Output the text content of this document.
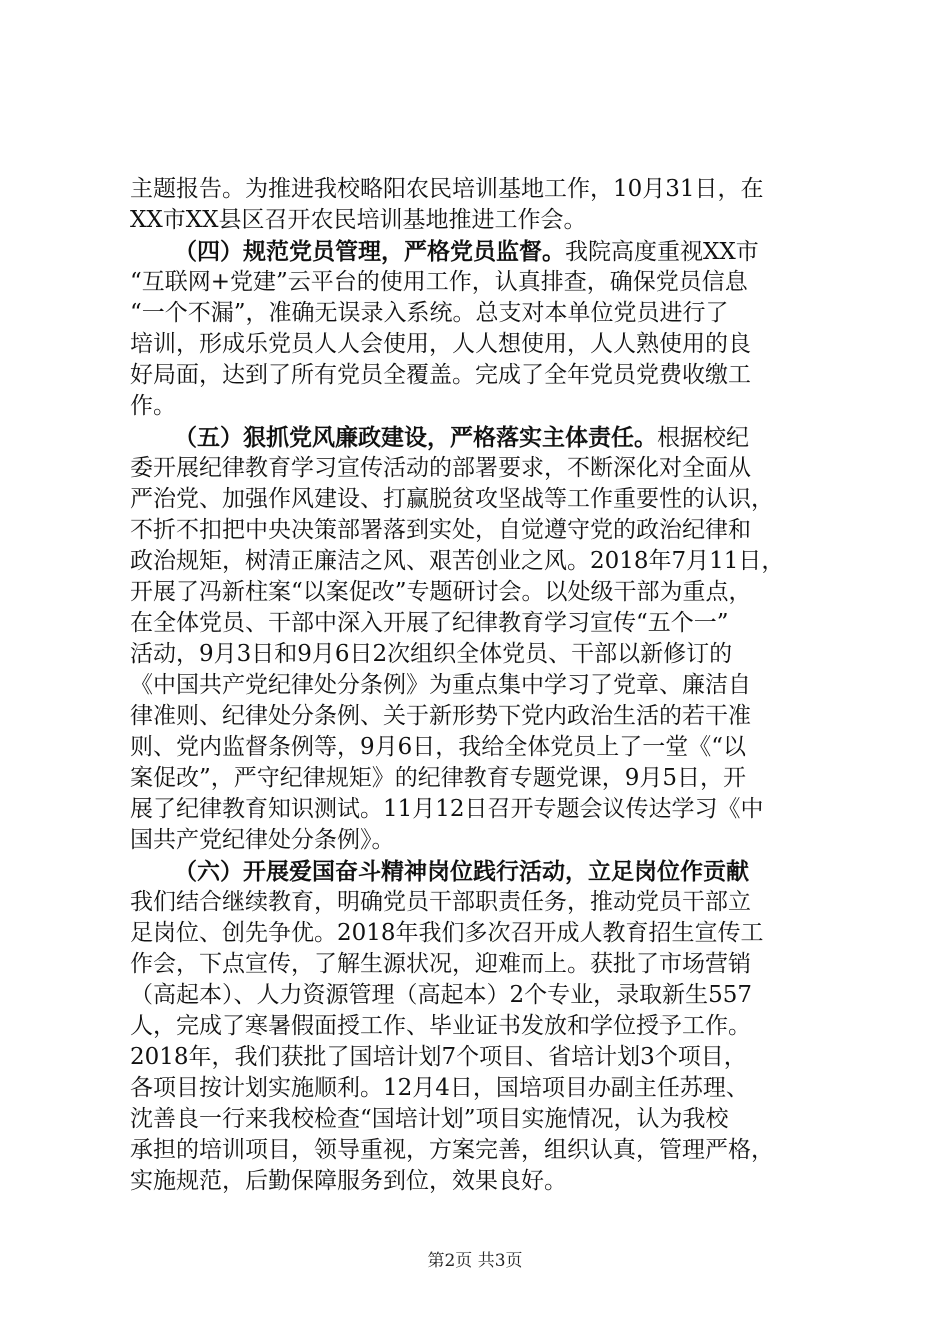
主题报告。为推进我校略阳农民培训基地工作，10月31日，在
XX市XX县区召开农民培训基地推进工作会。
（四）规范党员管理，严格党员监督。我院高度重视XX市
“互联网+党建”云平台的使用工作，认真排查，确保党员信息
“一个不漏”，准确无误录入系统。总支对本单位党员进行了
培训，形成乐党员人人会使用，人人想使用，人人熟使用的良
好局面，达到了所有党员全覆盖。完成了全年党员党费收缴工
作。
（五）狠抓党风廉政建设，严格落实主体责任。根据校纪
委开展纪律教育学习宣传活动的部署要求，不断深化对全面从
严治党、加强作风建设、打赢脱贫攻坚战等工作重要性的认识，
不折不扣把中央决策部署落到实处，自觉遵守党的政治纪律和
政治规矩，树清正廉洁之风、艰苦创业之风。2018年7月11日，
开展了冯新柱案“以案促改”专题研讨会。以处级干部为重点，
在全体党员、干部中深入开展了纪律教育学习宣传“五个一”
活动，9月3日和9月6日2次组织全体党员、干部以新修订的
《中国共产党纪律处分条例》为重点集中学习了党章、廉洁自
律准则、纪律处分条例、关于新形势下党内政治生活的若干准
则、党内监督条例等，9月6日，我给全体党员上了一堂《“以
案促改”，严守纪律规矩》的纪律教育专题党课，9月5日，开
展了纪律教育知识测试。11月12日召开专题会议传达学习《中
国共产党纪律处分条例》。
（六）开展爱国奋斗精神岗位践行活动，立足岗位作贡献
我们结合继续教育，明确党员干部职责任务，推动党员干部立
足岗位、创先争优。2018年我们多次召开成人教育招生宣传工
作会，下点宣传，了解生源状况，迎难而上。获批了市场营销
（高起本）、人力资源管理（高起本）2个专业，录取新生557
人，完成了寒暑假面授工作、毕业证书发放和学位授予工作。
2018年，我们获批了国培计划7个项目、省培计划3个项目，
各项目按计划实施顺利。12月4日，国培项目办副主任苏理、
沈善良一行来我校检查“国培计划”项目实施情况，认为我校
承担的培训项目，领导重视，方案完善，组织认真，管理严格，
实施规范，后勤保障服务到位，效果良好。
第2页 共3页
